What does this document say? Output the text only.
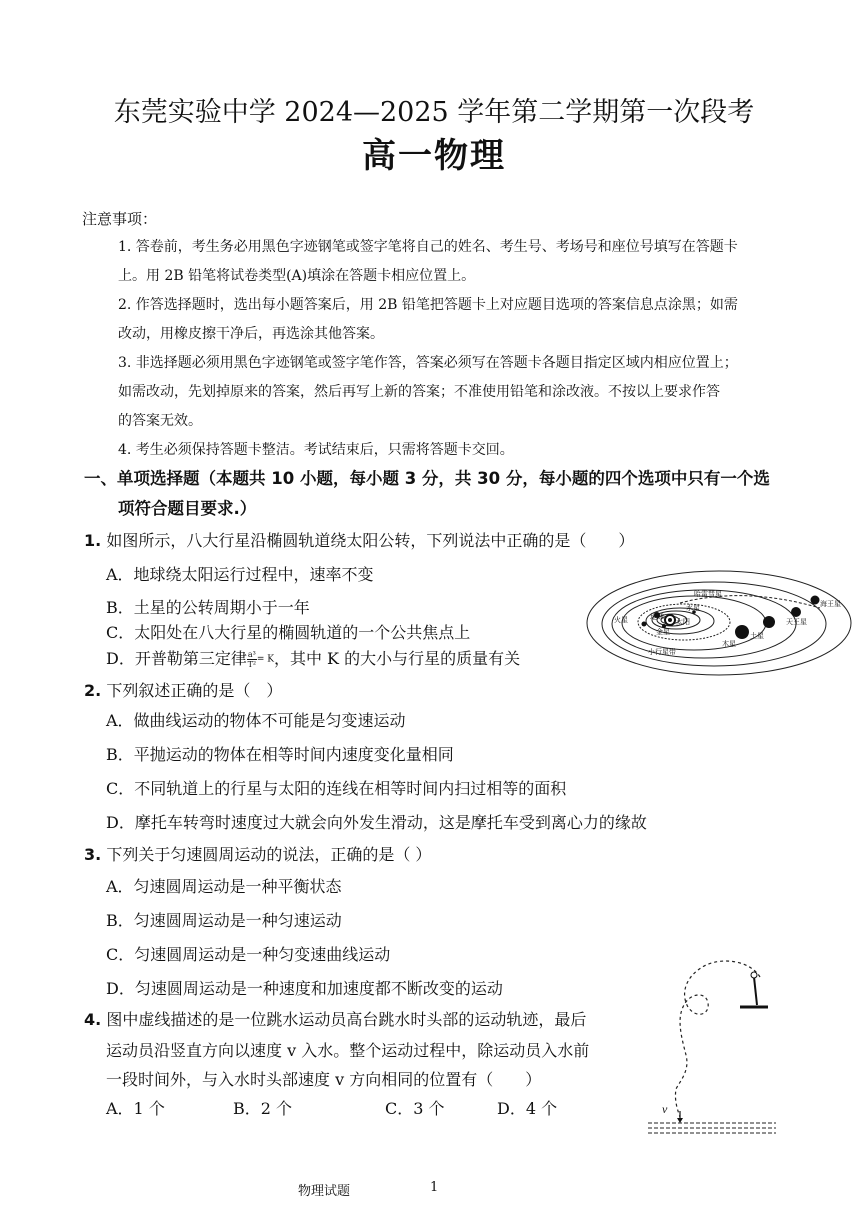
东莞实验中学 2024—2025 学年第二学期第一次段考
高一物理
注意事项：
1. 答卷前，考生务必用黑色字迹钢笔或签字笔将自己的姓名、考生号、考场号和座位号填写在答题卡
上。用 2B 铅笔将试卷类型(A)填涂在答题卡相应位置上。
2. 作答选择题时，选出每小题答案后，用 2B 铅笔把答题卡上对应题目选项的答案信息点涂黑；如需
改动，用橡皮擦干净后，再选涂其他答案。
3. 非选择题必须用黑色字迹钢笔或签字笔作答，答案必须写在答题卡各题目指定区域内相应位置上；
如需改动，先划掉原来的答案，然后再写上新的答案；不准使用铅笔和涂改液。不按以上要求作答
的答案无效。
4. 考生必须保持答题卡整洁。考试结束后，只需将答题卡交回。
一、单项选择题（本题共 10 小题，每小题 3 分，共 30 分，每小题的四个选项中只有一个选
项符合题目要求.）
1. 如图所示，八大行星沿椭圆轨道绕太阳公转，下列说法中正确的是（　　）
A．地球绕太阳运行过程中，速率不变
B．土星的公转周期小于一年
C．太阳处在八大行星的椭圆轨道的一个公共焦点上
D．开普勒第三定律 $\frac{\text{a³}}{\text{T²}} = K$，其中 K 的大小与行星的质量有关
太阳
地球
火星
金星
水星
木星
土星
天王星
海王星
小行星带
哈雷彗星
2. 下列叙述正确的是（　）
A．做曲线运动的物体不可能是匀变速运动
B．平抛运动的物体在相等时间内速度变化量相同
C．不同轨道上的行星与太阳的连线在相等时间内扫过相等的面积
D．摩托车转弯时速度过大就会向外发生滑动，这是摩托车受到离心力的缘故
3. 下列关于匀速圆周运动的说法，正确的是（ ）
A．匀速圆周运动是一种平衡状态
B．匀速圆周运动是一种匀速运动
C．匀速圆周运动是一种匀变速曲线运动
D．匀速圆周运动是一种速度和加速度都不断改变的运动
4. 图中虚线描述的是一位跳水运动员高台跳水时头部的运动轨迹，最后
运动员沿竖直方向以速度 v 入水。整个运动过程中，除运动员入水前
一段时间外，与入水时头部速度 v 方向相同的位置有（　　）
A．1 个	B．2 个	C．3 个	D．4 个	v
物理试题	1
